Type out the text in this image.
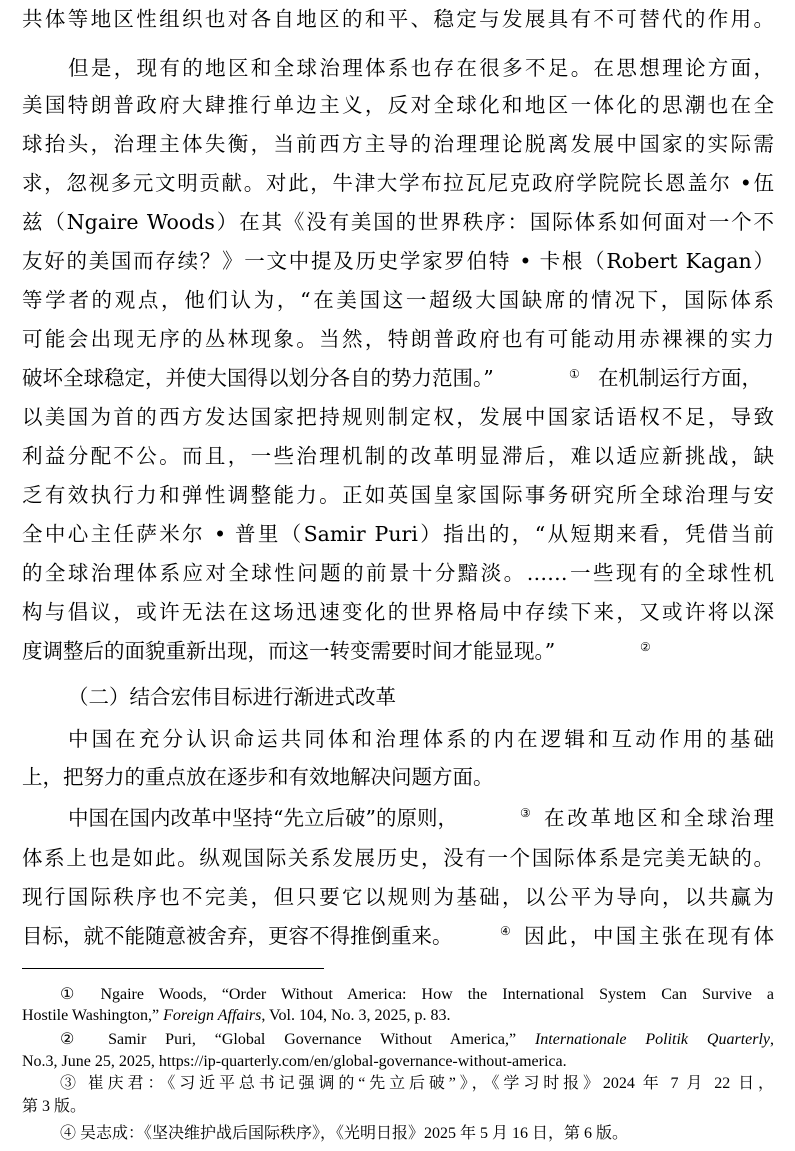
共体等地区性组织也对各自地区的和平、稳定与发展具有不可替代的作用。
但是，现有的地区和全球治理体系也存在很多不足。在思想理论方面，
美国特朗普政府大肆推行单边主义，反对全球化和地区一体化的思潮也在全
球抬头，治理主体失衡，当前西方主导的治理理论脱离发展中国家的实际需
求，忽视多元文明贡献。对此，牛津大学布拉瓦尼克政府学院院长恩盖尔 •伍
兹（Ngaire Woods）在其《没有美国的世界秩序：国际体系如何面对一个不
友好的美国而存续？》一文中提及历史学家罗伯特 • 卡根（Robert Kagan）
等学者的观点，他们认为，“在美国这一超级大国缺席的情况下，国际体系
可能会出现无序的丛林现象。当然，特朗普政府也有可能动用赤裸裸的实力
破坏全球稳定，并使大国得以划分各自的势力范围。”	① 在机制运行方面，
以美国为首的西方发达国家把持规则制定权，发展中国家话语权不足，导致
利益分配不公。而且，一些治理机制的改革明显滞后，难以适应新挑战，缺
乏有效执行力和弹性调整能力。正如英国皇家国际事务研究所全球治理与安
全中心主任萨米尔 • 普里（Samir Puri）指出的，“从短期来看，凭借当前
的全球治理体系应对全球性问题的前景十分黯淡。……一些现有的全球性机
构与倡议，或许无法在这场迅速变化的世界格局中存续下来，又或许将以深
度调整后的面貌重新出现，而这一转变需要时间才能显现。”	②
（二）结合宏伟目标进行渐进式改革
中国在充分认识命运共同体和治理体系的内在逻辑和互动作用的基础
上，把努力的重点放在逐步和有效地解决问题方面。
中国在国内改革中坚持“先立后破”的原则，	③ 在改革地区和全球治理
体系上也是如此。纵观国际关系发展历史，没有一个国际体系是完美无缺的。
现行国际秩序也不完美，但只要它以规则为基础，以公平为导向，以共赢为
目标，就不能随意被舍弃，更容不得推倒重来。	④ 因此，中国主张在现有体
① Ngaire Woods, “Order Without America: How the International System Can Survive a
Hostile Washington,” Foreign Affairs, Vol. 104, No. 3, 2025, p. 83.
② Samir Puri, “Global Governance Without America,” Internationale Politik Quarterly,
No.3, June 25, 2025, https://ip-quarterly.com/en/global-governance-without-america.
③ 崔庆君：《习近平总书记强调的“先立后破”》，《学习时报》2024 年 7 月 22 日，
第 3 版。
④ 吴志成：《坚决维护战后国际秩序》，《光明日报》2025 年 5 月 16 日，第 6 版。
